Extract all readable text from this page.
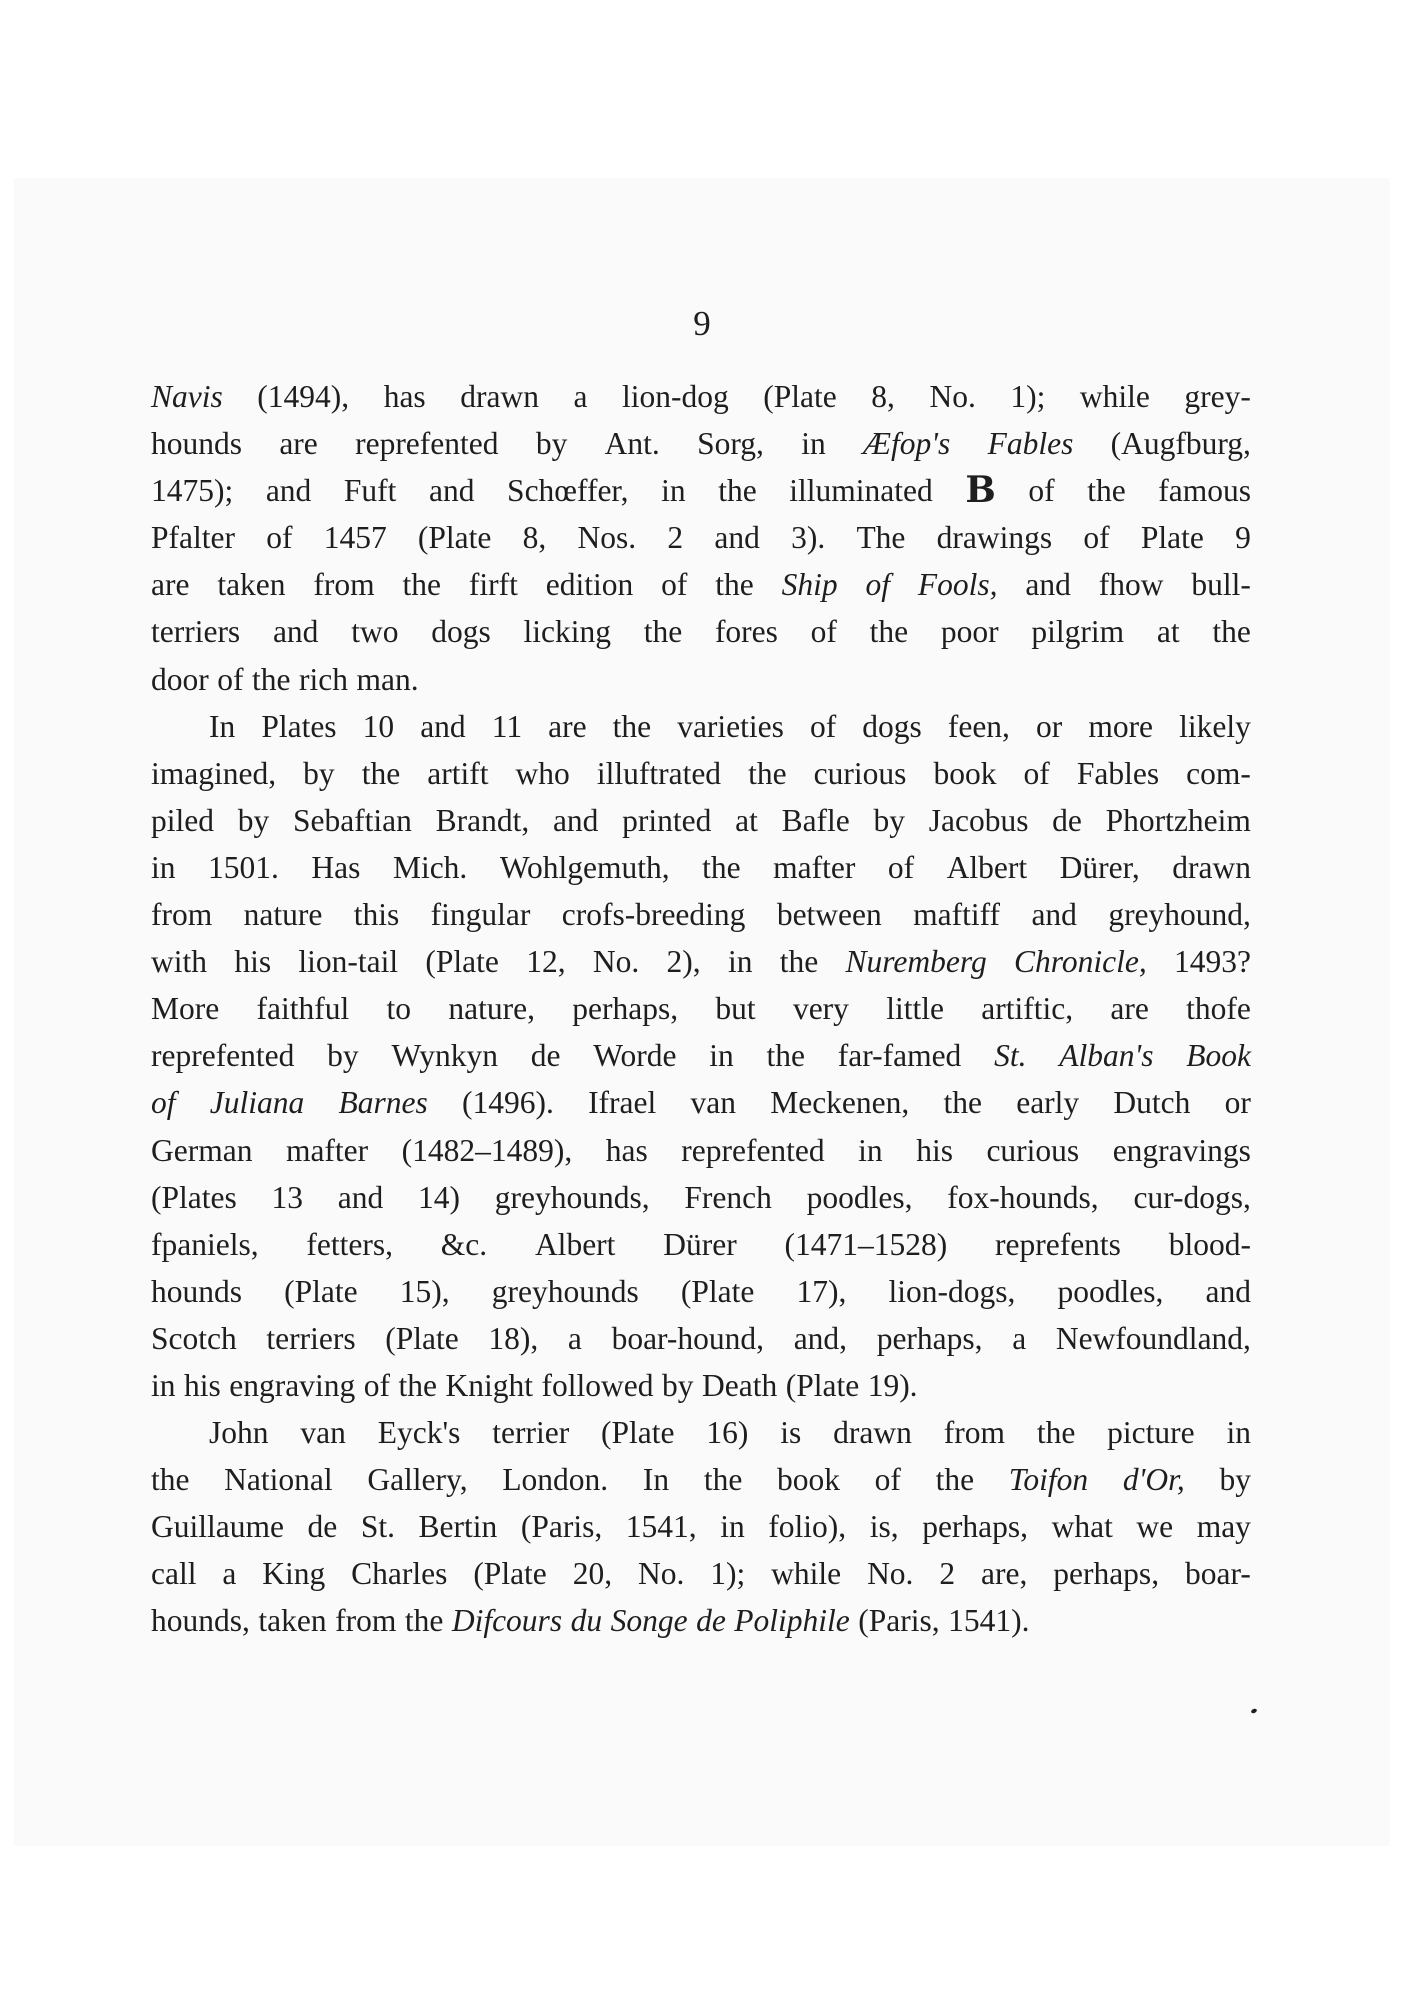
9
Navis (1494), has drawn a lion-dog (Plate 8, No. 1); while grey-
hounds are reprefented by Ant. Sorg, in Æfop's Fables (Augfburg,
1475); and Fuft and Schœffer, in the illuminated B of the famous
Pfalter of 1457 (Plate 8, Nos. 2 and 3). The drawings of Plate 9
are taken from the firft edition of the Ship of Fools, and fhow bull-
terriers and two dogs licking the fores of the poor pilgrim at the
door of the rich man.
In Plates 10 and 11 are the varieties of dogs feen, or more likely
imagined, by the artift who illuftrated the curious book of Fables com-
piled by Sebaftian Brandt, and printed at Bafle by Jacobus de Phortzheim
in 1501. Has Mich. Wohlgemuth, the mafter of Albert Dürer, drawn
from nature this fingular crofs-breeding between maftiff and greyhound,
with his lion-tail (Plate 12, No. 2), in the Nuremberg Chronicle, 1493?
More faithful to nature, perhaps, but very little artiftic, are thofe
reprefented by Wynkyn de Worde in the far-famed St. Alban's Book
of Juliana Barnes (1496). Ifrael van Meckenen, the early Dutch or
German mafter (1482–1489), has reprefented in his curious engravings
(Plates 13 and 14) greyhounds, French poodles, fox-hounds, cur-dogs,
fpaniels, fetters, &c. Albert Dürer (1471–1528) reprefents blood-
hounds (Plate 15), greyhounds (Plate 17), lion-dogs, poodles, and
Scotch terriers (Plate 18), a boar-hound, and, perhaps, a Newfoundland,
in his engraving of the Knight followed by Death (Plate 19).
John van Eyck's terrier (Plate 16) is drawn from the picture in
the National Gallery, London. In the book of the Toifon d'Or, by
Guillaume de St. Bertin (Paris, 1541, in folio), is, perhaps, what we may
call a King Charles (Plate 20, No. 1); while No. 2 are, perhaps, boar-
hounds, taken from the Difcours du Songe de Poliphile (Paris, 1541).
